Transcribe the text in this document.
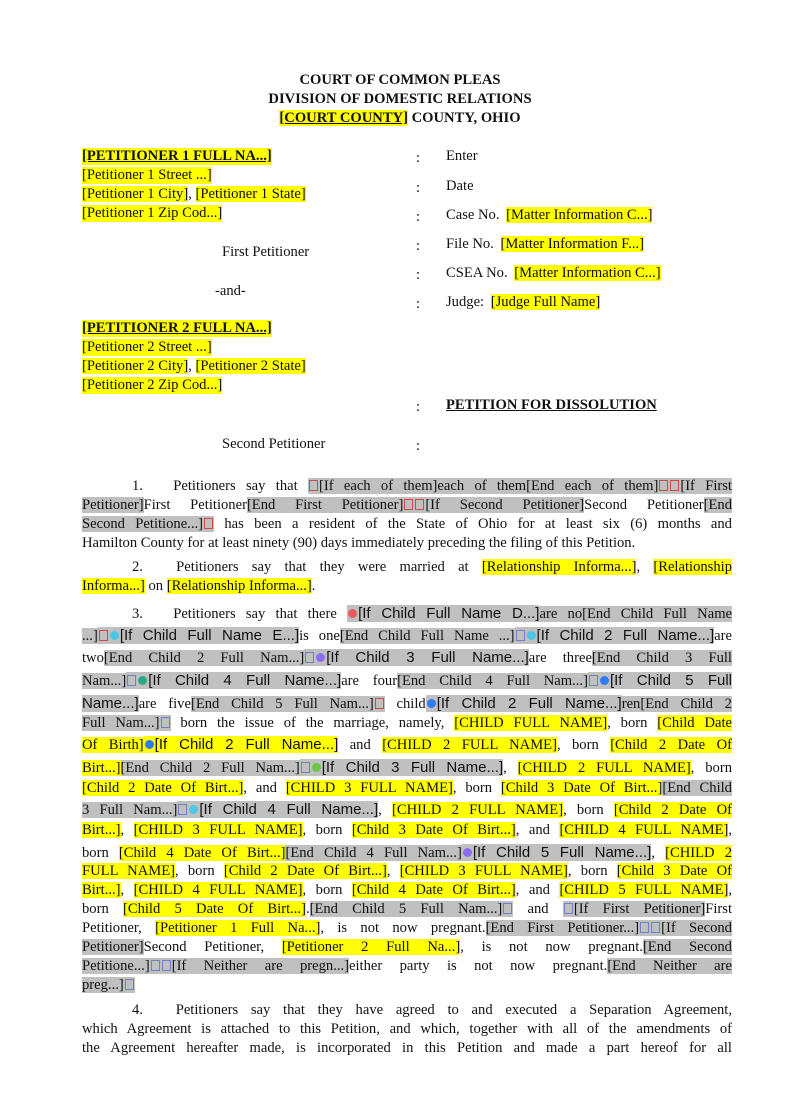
COURT OF COMMON PLEAS
DIVISION OF DOMESTIC RELATIONS
[COURT COUNTY] COUNTY, OHIO
[PETITIONER 1 FULL NA...]
[Petitioner 1 Street ...]
[Petitioner 1 City], [Petitioner 1 State]
[Petitioner 1 Zip Cod...]
First Petitioner
-and-
[PETITIONER 2 FULL NA...]
[Petitioner 2 Street ...]
[Petitioner 2 City], [Petitioner 2 State]
[Petitioner 2 Zip Cod...]
Second Petitioner
:
:
:
:
:
:
:
:
Enter
Date
Case No. [Matter Information C...]
File No. [Matter Information F...]
CSEA No. [Matter Information C...]
Judge: [Judge Full Name]
PETITION FOR DISSOLUTION
1. Petitioners say that [If each of them]each of them[End each of them] [If First
Petitioner]First Petitioner[End First Petitioner] [If Second Petitioner]Second Petitioner[End
Second Petitione...] has been a resident of the State of Ohio for at least six (6) months and
Hamilton County for at least ninety (90) days immediately preceding the filing of this Petition.
2. Petitioners say that they were married at [Relationship Informa...], [Relationship
Informa...] on [Relationship Informa...].
3. Petitioners say that there [If Child Full Name D...]are no[End Child Full Name
...] [If Child Full Name E...]is one[End Child Full Name ...] [If Child 2 Full Name...]are
two[End Child 2 Full Nam...] [If Child 3 Full Name...]are three[End Child 3 Full
Nam...] [If Child 4 Full Name...]are four[End Child 4 Full Nam...] [If Child 5 Full
Name...]are five[End Child 5 Full Nam...] child [If Child 2 Full Name...]ren[End Child 2
Full Nam...] born the issue of the marriage, namely, [CHILD FULL NAME], born [Child Date
Of Birth] [If Child 2 Full Name...] and [CHILD 2 FULL NAME], born [Child 2 Date Of
Birt...][End Child 2 Full Nam...] [If Child 3 Full Name...], [CHILD 2 FULL NAME], born
[Child 2 Date Of Birt...], and [CHILD 3 FULL NAME], born [Child 3 Date Of Birt...][End Child
3 Full Nam...] [If Child 4 Full Name...], [CHILD 2 FULL NAME], born [Child 2 Date Of
Birt...], [CHILD 3 FULL NAME], born [Child 3 Date Of Birt...], and [CHILD 4 FULL NAME],
born [Child 4 Date Of Birt...][End Child 4 Full Nam...] [If Child 5 Full Name...], [CHILD 2
FULL NAME], born [Child 2 Date Of Birt...], [CHILD 3 FULL NAME], born [Child 3 Date Of
Birt...], [CHILD 4 FULL NAME], born [Child 4 Date Of Birt...], and [CHILD 5 FULL NAME],
born [Child 5 Date Of Birt...].[End Child 5 Full Nam...] and [If First Petitioner]First
Petitioner, [Petitioner 1 Full Na...], is not now pregnant.[End First Petitioner...] [If Second
Petitioner]Second Petitioner, [Petitioner 2 Full Na...], is not now pregnant.[End Second
Petitione...] [If Neither are pregn...]either party is not now pregnant.[End Neither are
preg...]
4. Petitioners say that they have agreed to and executed a Separation Agreement,
which Agreement is attached to this Petition, and which, together with all of the amendments of
the Agreement hereafter made, is incorporated in this Petition and made a part hereof for all
